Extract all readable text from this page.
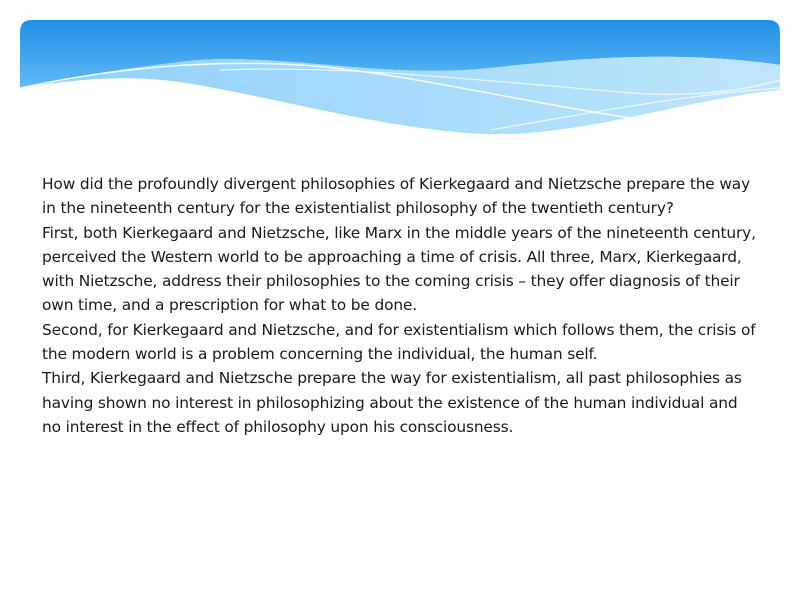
How did the profoundly divergent philosophies of Kierkegaard and Nietzsche prepare the way in the nineteenth century for the existentialist philosophy of the twentieth century?

First, both Kierkegaard and Nietzsche, like Marx in the middle years of the nineteenth century, perceived the Western world to be approaching a time of crisis. All three, Marx, Kierkegaard, with Nietzsche, address their philosophies to the coming crisis – they offer diagnosis of their own time, and a prescription for what to be done.

Second, for Kierkegaard and Nietzsche, and for existentialism which follows them, the crisis of the modern world is a problem concerning the individual, the human self.

Third, Kierkegaard and Nietzsche prepare the way for existentialism, all past philosophies as having shown no interest in philosophizing about the existence of the human individual and no interest in the effect of philosophy upon his consciousness.
